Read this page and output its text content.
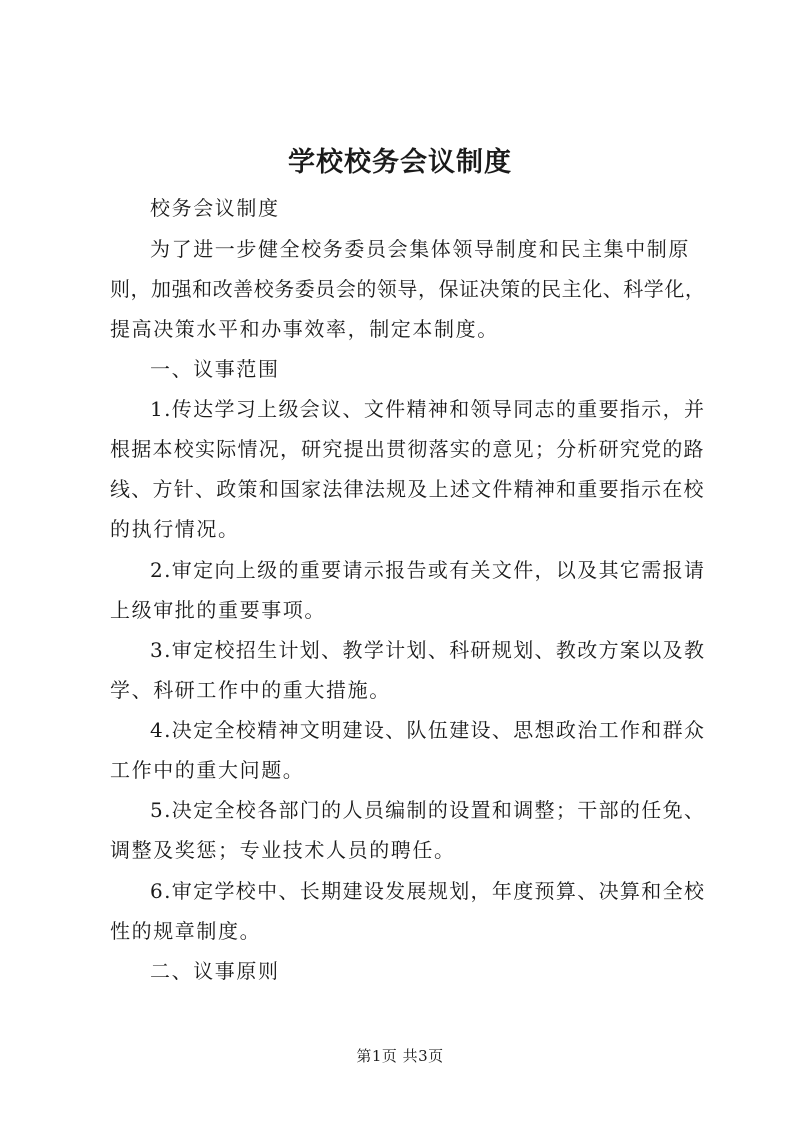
学校校务会议制度
校务会议制度
为了进一步健全校务委员会集体领导制度和民主集中制原
则，加强和改善校务委员会的领导，保证决策的民主化、科学化，
提高决策水平和办事效率，制定本制度。
一、议事范围
1.传达学习上级会议、文件精神和领导同志的重要指示，并
根据本校实际情况，研究提出贯彻落实的意见；分析研究党的路
线、方针、政策和国家法律法规及上述文件精神和重要指示在校
的执行情况。
2.审定向上级的重要请示报告或有关文件，以及其它需报请
上级审批的重要事项。
3.审定校招生计划、教学计划、科研规划、教改方案以及教
学、科研工作中的重大措施。
4.决定全校精神文明建设、队伍建设、思想政治工作和群众
工作中的重大问题。
5.决定全校各部门的人员编制的设置和调整；干部的任免、
调整及奖惩；专业技术人员的聘任。
6.审定学校中、长期建设发展规划，年度预算、决算和全校
性的规章制度。
二、议事原则
第1页 共3页
